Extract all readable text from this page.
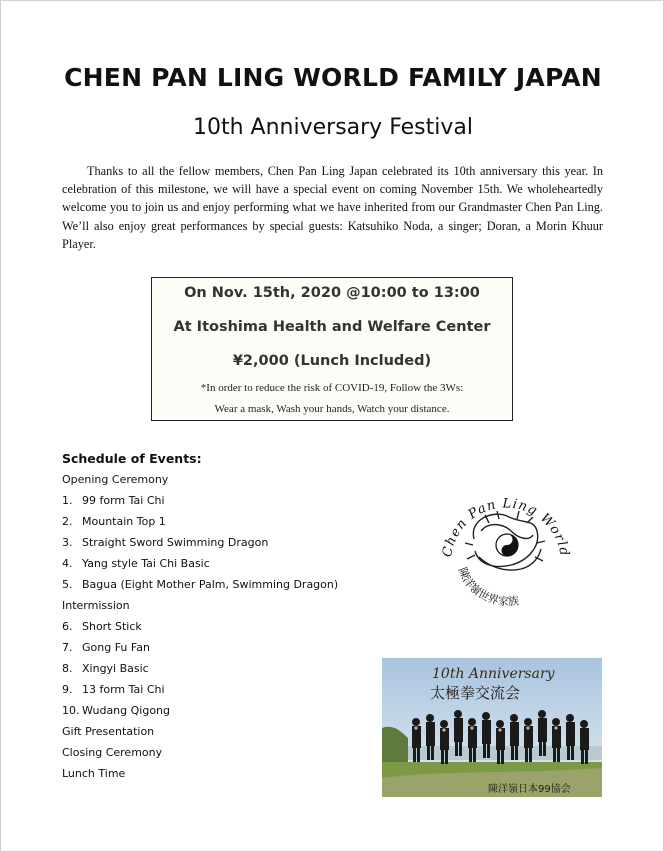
CHEN PAN LING WORLD FAMILY JAPAN
10th Anniversary Festival

Thanks to all the fellow members, Chen Pan Ling Japan celebrated its 10th anniversary this year. In celebration of this milestone, we will have a special event on coming November 15th. We wholeheartedly welcome you to join us and enjoy performing what we have inherited from our Grandmaster Chen Pan Ling. We’ll also enjoy great performances by special guests: Katsuhiko Noda, a singer; Doran, a Morin Khuur Player.

On Nov. 15th, 2020 @10:00 to 13:00
At Itoshima Health and Welfare Center
¥2,000 (Lunch Included)
*In order to reduce the risk of COVID-19, Follow the 3Ws:
Wear a mask, Wash your hands, Watch your distance.
Schedule of Events:
Opening Ceremony
1. 99 form Tai Chi
2. Mountain Top 1
3. Straight Sword Swimming Dragon
4. Yang style Tai Chi Basic
5. Bagua (Eight Mother Palm, Swimming Dragon)
Intermission
6. Short Stick
7. Gong Fu Fan
8. Xingyi Basic
9. 13 form Tai Chi
10. Wudang Qigong
Gift Presentation
Closing Ceremony
Lunch Time
Chen Pan Ling World
陳洋嶺世界家族
10th Anniversary
太極拳交流会
陳洋嶺日本99協会
